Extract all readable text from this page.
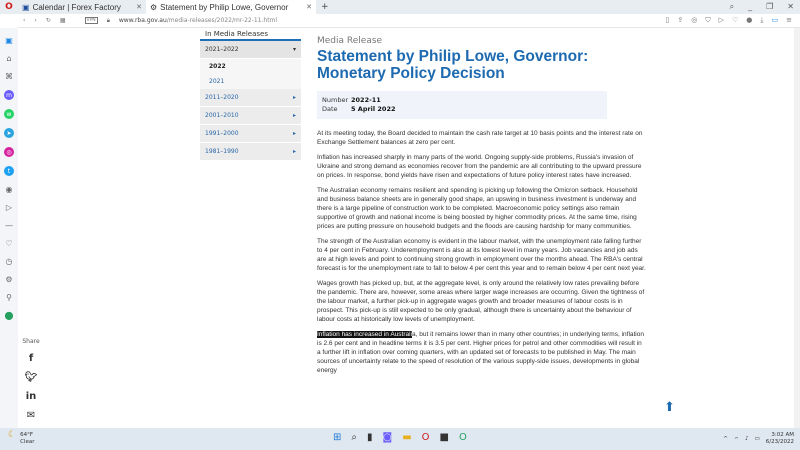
O	▣ Calendar | Forex Factory ✕ ⚙ Statement by Philip Lowe, Governor	✕ +	⌕ _ ❐ ✕
‹ › ↻ ▦	VPN	🔒︎ www.rba.gov.au/media-releases/2022/mr-22-11.html	▯ ⇪ ◎ ⛉ ▷ ♡ ● ⤓ ▭ ≡
▣
⌂
⌘
m
w
➤
◎
t
◉
▷
—
♡
◷
⚙
⚲
⬤
In Media Releases
2021–2022	▾
2022
2021
2011–2020	▸
2001–2010	▸
1991–2000	▸
1981–1990	▸
Media Release
Statement by Philip Lowe, Governor: Monetary Policy Decision
Number 2022-11
Date	5 April 2022

At its meeting today, the Board decided to maintain the cash rate target at 10 basis points and the interest rate on Exchange Settlement balances at zero per cent.

Inflation has increased sharply in many parts of the world. Ongoing supply-side problems, Russia's invasion of Ukraine and strong demand as economies recover from the pandemic are all contributing to the upward pressure on prices. In response, bond yields have risen and expectations of future policy interest rates have increased.

The Australian economy remains resilient and spending is picking up following the Omicron setback. Household and business balance sheets are in generally good shape, an upswing in business investment is underway and there is a large pipeline of construction work to be completed. Macroeconomic policy settings also remain supportive of growth and national income is being boosted by higher commodity prices. At the same time, rising prices are putting pressure on household budgets and the floods are causing hardship for many communities.

The strength of the Australian economy is evident in the labour market, with the unemployment rate falling further to 4 per cent in February. Underemployment is also at its lowest level in many years. Job vacancies and job ads are at high levels and point to continuing strong growth in employment over the months ahead. The RBA's central forecast is for the unemployment rate to fall to below 4 per cent this year and to remain below 4 per cent next year.

Wages growth has picked up, but, at the aggregate level, is only around the relatively low rates prevailing before the pandemic. There are, however, some areas where larger wage increases are occurring. Given the tightness of the labour market, a further pick-up in aggregate wages growth and broader measures of labour costs is in prospect. This pick-up is still expected to be only gradual, although there is uncertainty about the behaviour of labour costs at historically low levels of unemployment.

Inflation has increased in Australia, but it remains lower than in many other countries; in underlying terms, inflation is 2.6 per cent and in headline terms it is 3.5 per cent. Higher prices for petrol and other commodities will result in a further lift in inflation over coming quarters, with an updated set of forecasts to be published in May. The main sources of uncertainty relate to the speed of resolution of the various supply-side issues, developments in global energy

Share
f
🐦︎
in
✉
⬆
☾ 64°F
Clear	⊞ ⌕ ▮ ◙ ▬ O ■ O	^ ⌔ ♪ ▭
3:02 AM
6/23/2022
